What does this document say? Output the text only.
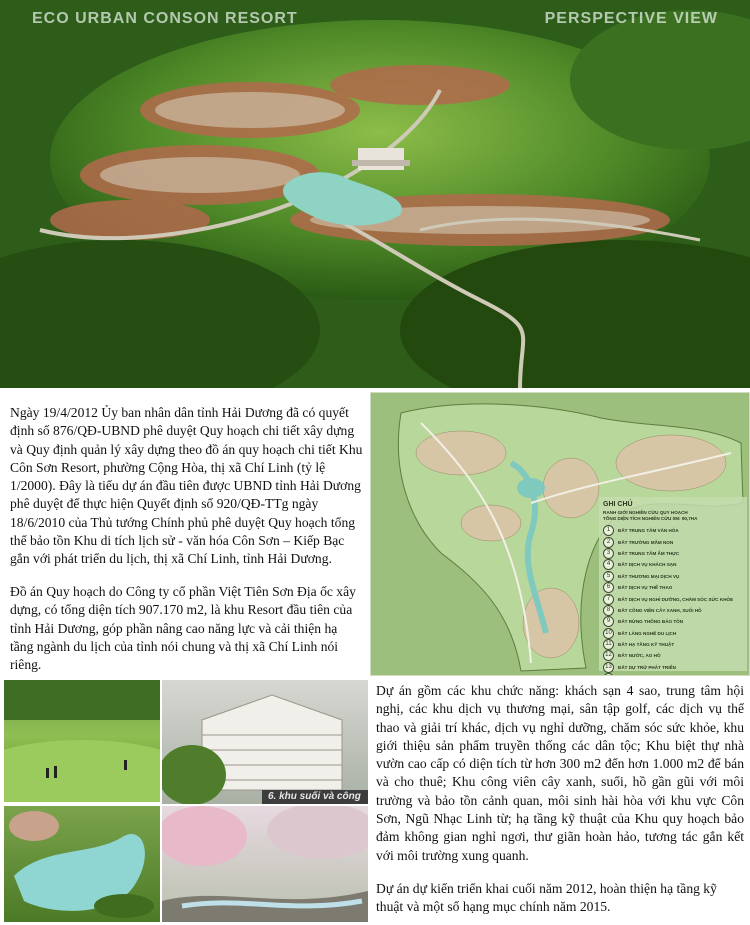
ECO URBAN CONSON RESORT	PERSPECTIVE VIEW

Ngày 19/4/2012 Ủy ban nhân dân tỉnh Hải Dương đã có quyết định số 876/QĐ-UBND phê duyệt Quy hoạch chi tiết xây dựng và Quy định quản lý xây dựng theo đồ án quy hoạch chi tiết Khu Côn Sơn Resort, phường Cộng Hòa, thị xã Chí Linh (tỷ lệ 1/2000). Đây là tiểu dự án đầu tiên được UBND tỉnh Hải Dương phê duyệt để thực hiện Quyết định số 920/QĐ-TTg ngày 18/6/2010 của Thủ tướng Chính phủ phê duyệt Quy hoạch tổng thể bảo tồn Khu di tích lịch sử - văn hóa Côn Sơn – Kiếp Bạc gắn với phát triển du lịch, thị xã Chí Linh, tỉnh Hải Dương.

Đồ án Quy hoạch do Công ty cổ phần Việt Tiên Sơn Địa ốc xây dựng, có tổng diện tích 907.170 m2, là khu Resort đầu tiên của tỉnh Hải Dương, góp phần nâng cao năng lực và cải thiện hạ tầng ngành du lịch của tỉnh nói chung và thị xã Chí Linh nói riêng.

GHI CHÚ
RANH GIỚI NGHIÊN CỨU QUY HOẠCH
TỔNG DIỆN TÍCH NGHIÊN CỨU 0M: 90,7HA
1	ĐẤT TRUNG TÂM VĂN HÓA
2	ĐẤT TRƯỜNG MẦM NON
3	ĐẤT TRUNG TÂM ẨM THỰC
4	ĐẤT DỊCH VỤ KHÁCH SẠN
5	ĐẤT THƯƠNG MẠI DỊCH VỤ
6	ĐẤT DỊCH VỤ THỂ THAO
7	ĐẤT DỊCH VỤ NGHỈ DƯỠNG, CHĂM SÓC SỨC KHỎE
8	ĐẤT CÔNG VIÊN CÂY XANH, SUỐI HỒ
9	ĐẤT RỪNG THÔNG BẢO TỒN
10	ĐẤT LÀNG NGHỀ DU LỊCH
11	ĐẤT HẠ TẦNG KỸ THUẬT
12	ĐẤT NƯỚC, AO HỒ
13	ĐẤT DỰ TRỮ PHÁT TRIỂN
6. khu suối và công

Dự án gồm các khu chức năng: khách sạn 4 sao, trung tâm hội nghị, các khu dịch vụ thương mại, sân tập golf, các dịch vụ thể thao và giải trí khác, dịch vụ nghỉ dưỡng, chăm sóc sức khỏe, khu giới thiệu sản phẩm truyền thống các dân tộc; Khu biệt thự nhà vườn cao cấp có diện tích từ hơn 300 m2 đến hơn 1.000 m2 để bán và cho thuê; Khu công viên cây xanh, suối, hồ gần gũi với môi trường và bảo tồn cảnh quan, môi sinh hài hòa với khu vực Côn Sơn, Ngũ Nhạc Linh từ; hạ tầng kỹ thuật của Khu quy hoạch bảo đảm không gian nghỉ ngơi, thư giãn hoàn hảo, tương tác gắn kết với môi trường xung quanh.

Dự án dự kiến triển khai cuối năm 2012, hoàn thiện hạ tầng kỹ thuật và một số hạng mục chính năm 2015.
